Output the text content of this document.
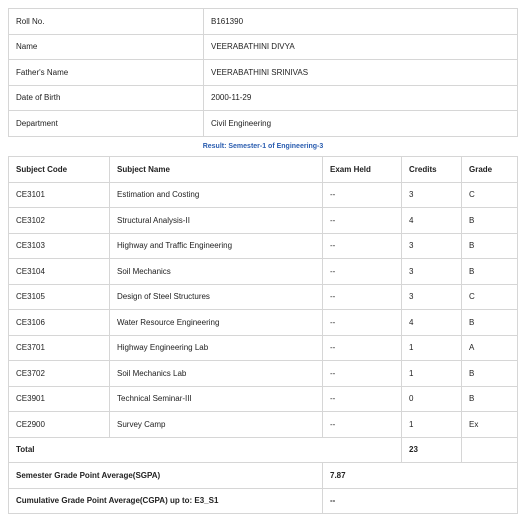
Roll No.	B161390
Name	VEERABATHINI DIVYA
Father's Name	VEERABATHINI SRINIVAS
Date of Birth	2000-11-29
Department	Civil Engineering
Result: Semester-1 of Engineering-3
Subject Code	Subject Name	Exam Held	Credits	Grade
CE3101	Estimation and Costing	--	3	C
CE3102	Structural Analysis-II	--	4	B
CE3103	Highway and Traffic Engineering	--	3	B
CE3104	Soil Mechanics	--	3	B
CE3105	Design of Steel Structures	--	3	C
CE3106	Water Resource Engineering	--	4	B
CE3701	Highway Engineering Lab	--	1	A
CE3702	Soil Mechanics Lab	--	1	B
CE3901	Technical Seminar-III	--	0	B
CE2900	Survey Camp	--	1	Ex
Total			23	
Semester Grade Point Average(SGPA)		7.87		
Cumulative Grade Point Average(CGPA) up to: E3_S1		--		
